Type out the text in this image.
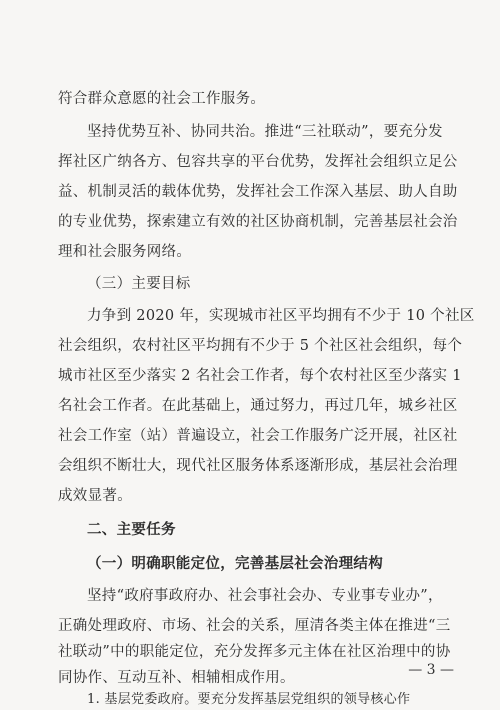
符合群众意愿的社会工作服务。
坚持优势互补、协同共治。推进“三社联动”，要充分发
挥社区广纳各方、包容共享的平台优势，发挥社会组织立足公
益、机制灵活的载体优势，发挥社会工作深入基层、助人自助
的专业优势，探索建立有效的社区协商机制，完善基层社会治
理和社会服务网络。
（三）主要目标
力争到 2020 年，实现城市社区平均拥有不少于 10 个社区
社会组织，农村社区平均拥有不少于 5 个社区社会组织，每个
城市社区至少落实 2 名社会工作者，每个农村社区至少落实 1
名社会工作者。在此基础上，通过努力，再过几年，城乡社区
社会工作室（站）普遍设立，社会工作服务广泛开展，社区社
会组织不断壮大，现代社区服务体系逐渐形成，基层社会治理
成效显著。
二、主要任务
（一）明确职能定位，完善基层社会治理结构
坚持“政府事政府办、社会事社会办、专业事专业办”，
正确处理政府、市场、社会的关系，厘清各类主体在推进“三
社联动”中的职能定位，充分发挥多元主体在社区治理中的协
同协作、互动互补、相辅相成作用。
1. 基层党委政府。要充分发挥基层党组织的领导核心作
— 3 —
